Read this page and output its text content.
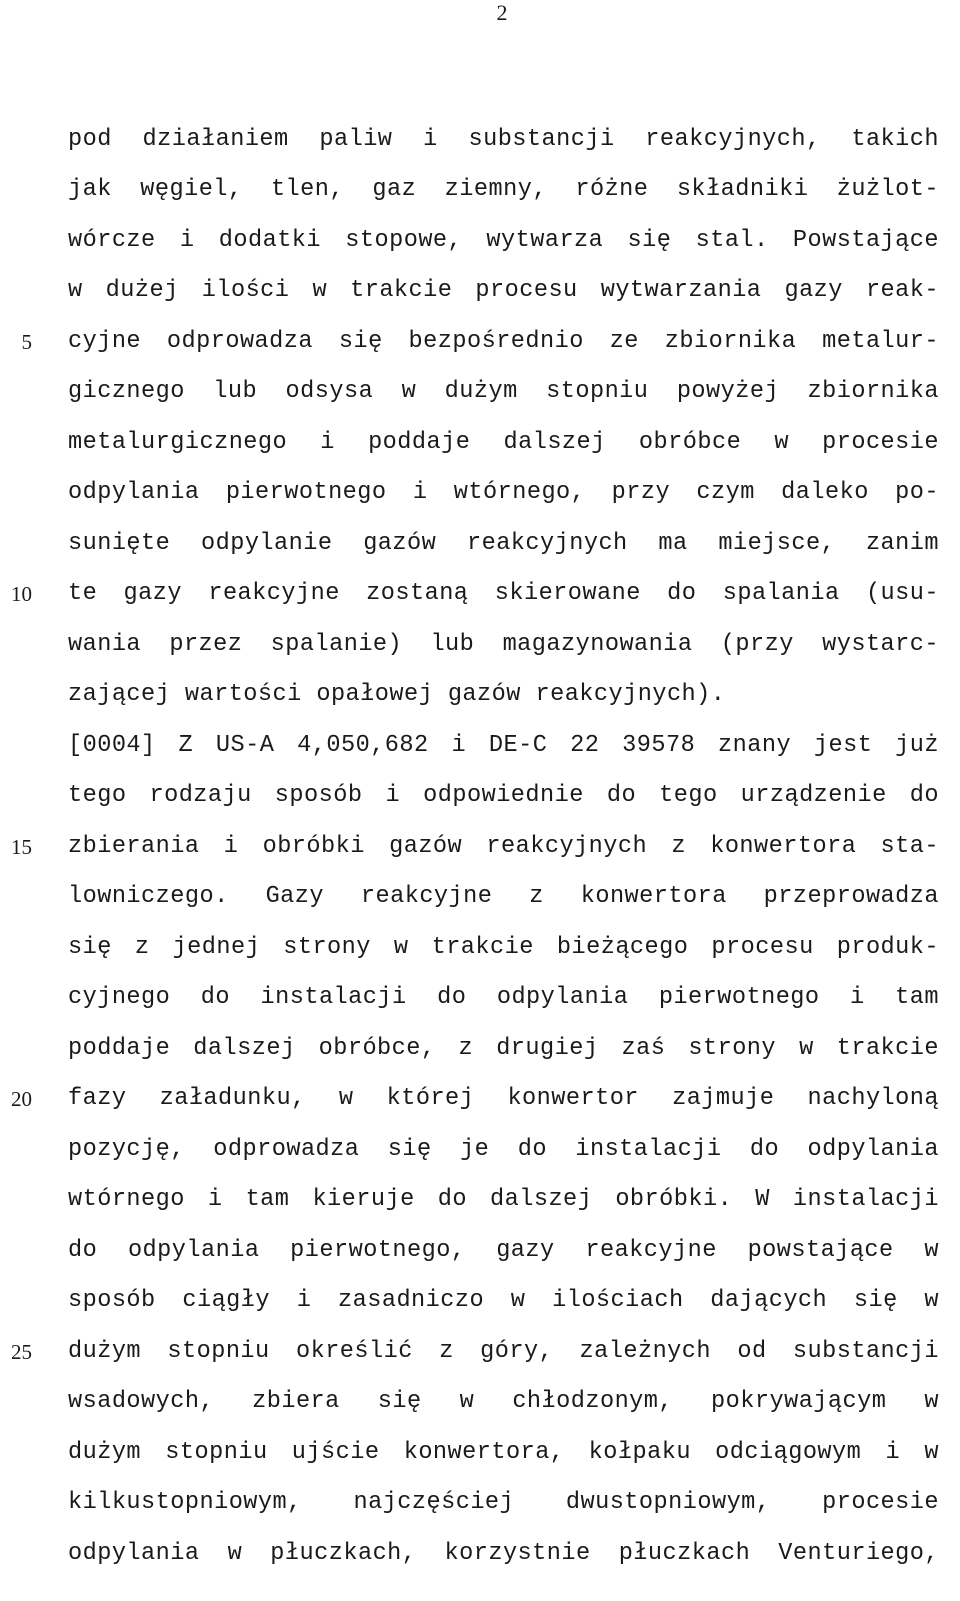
2
5
10
15
20
25
pod działaniem paliw i substancji reakcyjnych, takich
jak węgiel, tlen, gaz ziemny, różne składniki żużlot-
wórcze i dodatki stopowe, wytwarza się stal. Powstające
w dużej ilości w trakcie procesu wytwarzania gazy reak-
cyjne odprowadza się bezpośrednio ze zbiornika metalur-
gicznego lub odsysa w dużym stopniu powyżej zbiornika
metalurgicznego i poddaje dalszej obróbce w procesie
odpylania pierwotnego i wtórnego, przy czym daleko po-
sunięte odpylanie gazów reakcyjnych ma miejsce, zanim
te gazy reakcyjne zostaną skierowane do spalania (usu-
wania przez spalanie) lub magazynowania (przy wystarc-
zającej wartości opałowej gazów reakcyjnych).
[0004] Z US-A 4,050,682 i DE-C 22 39578 znany jest już
tego rodzaju sposób i odpowiednie do tego urządzenie do
zbierania i obróbki gazów reakcyjnych z konwertora sta-
lowniczego. Gazy reakcyjne z konwertora przeprowadza
się z jednej strony w trakcie bieżącego procesu produk-
cyjnego do instalacji do odpylania pierwotnego i tam
poddaje dalszej obróbce, z drugiej zaś strony w trakcie
fazy załadunku, w której konwertor zajmuje nachyloną
pozycję, odprowadza się je do instalacji do odpylania
wtórnego i tam kieruje do dalszej obróbki. W instalacji
do odpylania pierwotnego, gazy reakcyjne powstające w
sposób ciągły i zasadniczo w ilościach dających się w
dużym stopniu określić z góry, zależnych od substancji
wsadowych, zbiera się w chłodzonym, pokrywającym w
dużym stopniu ujście konwertora, kołpaku odciągowym i w
kilkustopniowym, najczęściej dwustopniowym, procesie
odpylania w płuczkach, korzystnie płuczkach Venturiego,
